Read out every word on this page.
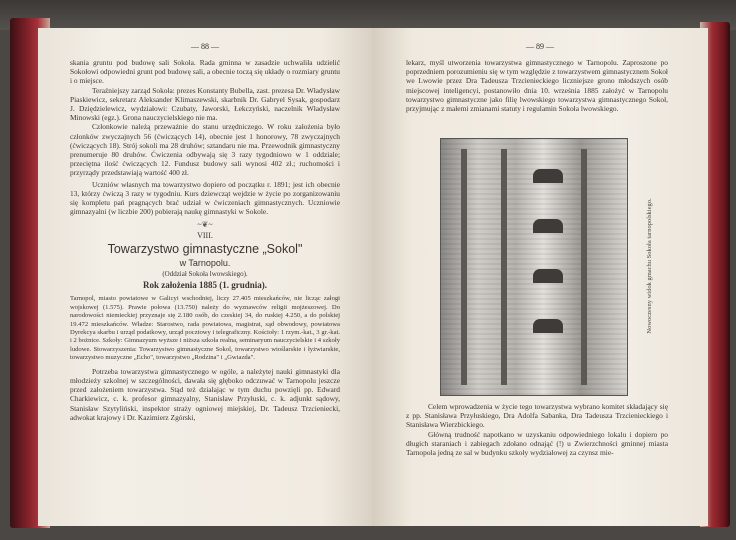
— 88 —

skania gruntu pod budowę sali Sokoła. Rada gminna w zasadzie uchwaliła udzielić Sokołowi odpowiedni grunt pod budowę sali, a obecnie toczą się układy o rozmiary gruntu i o miejsce.

Teraźniejszy zarząd Sokoła: prezes Konstanty Bubella, zast. prezesa Dr. Władysław Piaskiewicz, sekretarz Aleksander Klimaszewski, skarbnik Dr. Gabryel Sysak, gospodarz J. Dziędzielewicz, wydziałowi: Czubaty, Jaworski, Łekczyński, naczelnik Władysław Minowski (egz.). Grona nauczycielskiego nie ma.

Członkowie należą przeważnie do stanu urzędniczego. W roku założenia było członków zwyczajnych 56 (ćwiczących 14), obecnie jest 1 honorowy, 78 zwyczajnych (ćwiczących 18). Strój sokoli ma 28 druhów; sztandaru nie ma. Przewodnik gimnastyczny prenumeruje 80 druhów. Ćwiczenia odbywają się 3 razy tygodniowo w 1 oddziale; przeciętna ilość ćwiczących 12. Fundusz budowy sali wynosi 402 zł.; ruchomości i przyrządy przedstawiają wartość 400 zł.

Uczniów własnych ma towarzystwo dopiero od początku r. 1891; jest ich obecnie 13, którzy ćwiczą 3 razy w tygodniu. Kurs dziewcząt wejdzie w życie po zorganizowaniu się kompletu pań pragnących brać udział w ćwiczeniach gimnastycznych. Uczniowie gimnazyalni (w liczbie 200) pobierają naukę gimnastyki w Sokole.

~❦~
VIII.
Towarzystwo gimnastyczne „Sokol"
w Tarnopolu.
(Oddział Sokoła lwowskiego).
Rok założenia 1885 (1. grudnia).
Tarnopol, miasto powiatowe w Galicyi wschodniej, liczy 27.405 mieszkańców, nie licząc załogi wojskowej (1.575). Prawie połowa (13.750) należy do wyznawców religii mojżeszowej. Do narodowości niemieckiej przyznaje się 2.180 osób, do czeskiej 34, do ruskiej 4.250, a do polskiej 19.472 mieszkańców. Władze: Starostwo, rada powiatowa, magistrat, sąd obwodowy, powiatowa Dyrekcya skarbu i urząd podatkowy, urząd pocztowy i telegraficzny. Kościoły: 1 rzym.-kat., 3 gr.-kat. i 2 bożnice. Szkoły: Gimnazyum wyższe i niższa szkoła realna, seminaryum nauczycielskie i 4 szkoły ludowe. Stowarzyszenia: Towarzystwo gimnastyczne Sokol, towarzystwo wioślarskie i łyżwiarskie, towarzystwo muzyczne „Echo", towarzystwo „Rodzina" i „Gwiazda".

Potrzeba towarzystwa gimnastycznego w ogóle, a należytej nauki gimnastyki dla młodzieży szkolnej w szczególności, dawała się głęboko odczuwać w Tarnopolu jeszcze przed założeniem towarzystwa. Stąd też działając w tym duchu powzięli pp. Edward Charkiewicz, c. k. profesor gimnazyalny, Stanisław Przyłuski, c. k. adjunkt sądowy, Stanisław Szytyliński, inspektor straży ogniowej miejskiej, Dr. Tadeusz Trzcieniecki, adwokat krajowy i Dr. Kazimierz Zgórski,

— 89 —

lekarz, myśl utworzenia towarzystwa gimnastycznego w Tarnopolu. Zaproszone po poprzedniem porozumieniu się w tym względzie z towarzystwem gimnastycznem Sokoł we Lwowie przez Dra Tadeusza Trzcienieckiego liczniejsze grono młodszych osób miejscowej inteligencyi, postanowiło dnia 10. września 1885 założyć w Tarnopolu towarzystwo gimnastyczne jako filię lwowskiego towarzystwa gimnastycznego Sokoł, przyjmując z małemi zmianami statuty i regulamin Sokoła lwowskiego.

Nowoczesny widok gmachu Sokoła tarnopolskiego.

Celem wprowadzenia w życie tego towarzystwa wybrano komitet składający się z pp. Stanisława Przyłuskiego, Dra Adolfa Sabanka, Dra Tadeusza Trzcienieckiego i Stanisława Wierzbickiego.

Główną trudność napotkano w uzyskaniu odpowiedniego lokalu i dopiero po długich staraniach i zabiegach zdołano odnająć (!) u Zwierzchności gminnej miasta Tarnopola jedną ze sal w budynku szkoły wydziałowej za czynsz mie-
